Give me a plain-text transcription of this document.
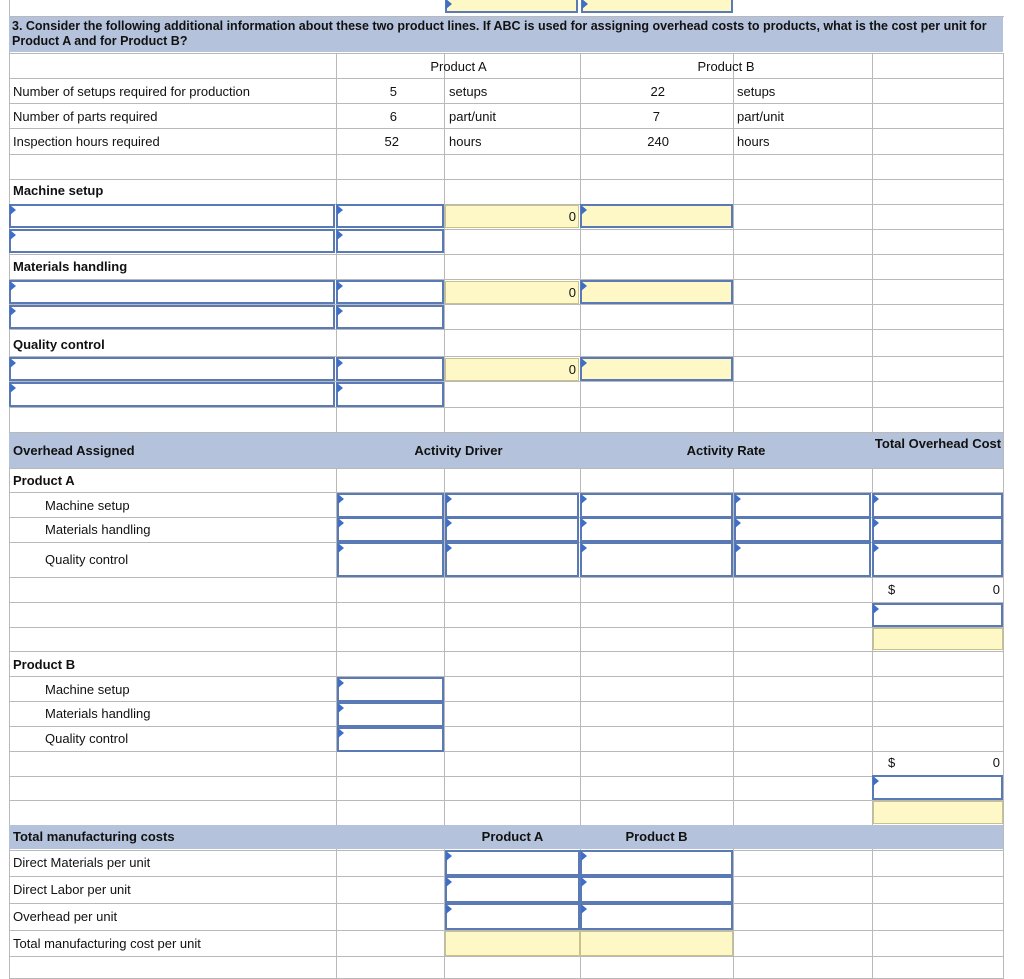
3. Consider the following additional information about these two product lines. If ABC is used for assigning overhead costs to products, what is the cost per unit for Product A and for Product B?
Product A	Product B
Number of setups required for production	5	setups	22	setups
Number of parts required	6	part/unit	7	part/unit
Inspection hours required	52	hours	240	hours
Machine setup
0
Materials handling
0
Quality control
0
Overhead Assigned	Activity Driver	Activity Rate	Total Overhead Cost
Product A
Machine setup
Materials handling
Quality control
$	0
Product B
Machine setup
Materials handling
Quality control
$	0
Total manufacturing costs	Product A	Product B
Direct Materials per unit
Direct Labor per unit
Overhead per unit
Total manufacturing cost per unit
